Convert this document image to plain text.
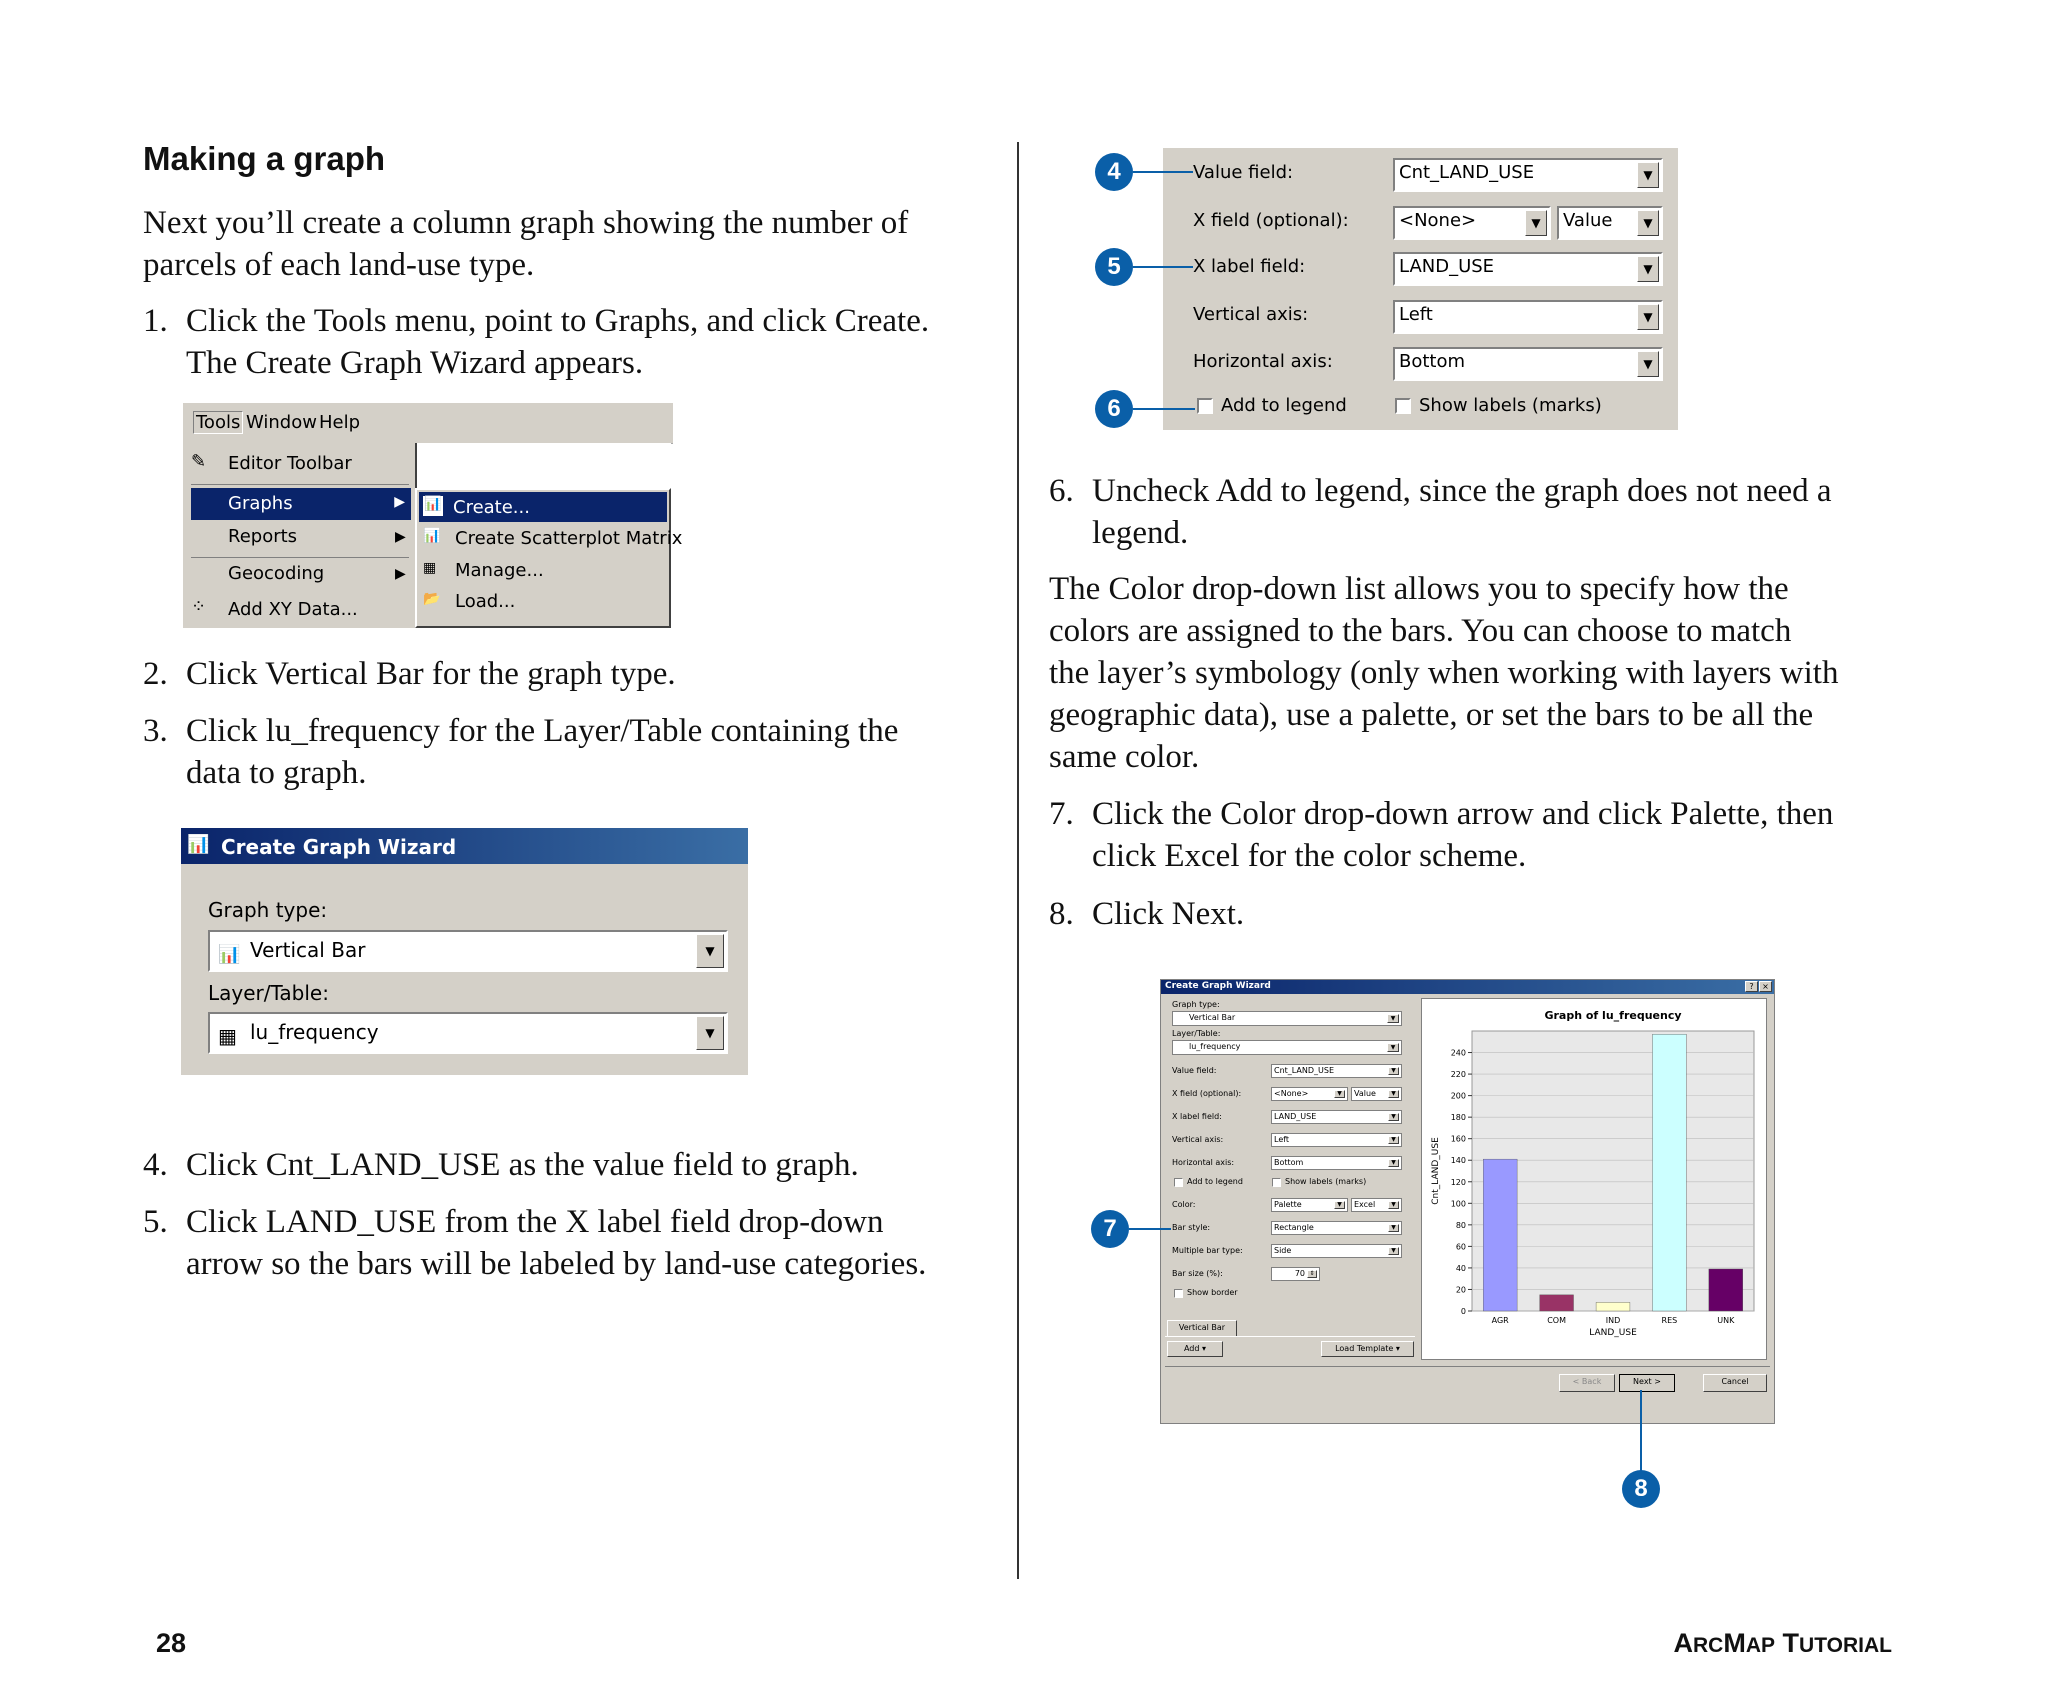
Making a graph
Next you’ll create a column graph showing the number of
parcels of each land-use type.
1. Click the Tools menu, point to Graphs, and click Create.
The Create Graph Wizard appears.
Tools Window Help
✎ Editor Toolbar
Graphs	▶
Reports	▶
Geocoding	▶
⁘ Add XY Data...
📊 Create...
📊 Create Scatterplot Matrix
▦ Manage...
📂 Load...
2. Click Vertical Bar for the graph type.
3. Click lu_frequency for the Layer/Table containing the
data to graph.
📊 Create Graph Wizard
Graph type:
📊 Vertical Bar	▼
Layer/Table:
▦ lu_frequency	▼
4. Click Cnt_LAND_USE as the value field to graph.
5. Click LAND_USE from the X label field drop-down
arrow so the bars will be labeled by land-use categories.
Value field:	Cnt_LAND_USE	▼
X field (optional):	<None>	▼	Value	▼
X label field:	LAND_USE	▼
Vertical axis:	Left	▼
Horizontal axis:	Bottom	▼
Add to legend	Show labels (marks)
4
5
6
6. Uncheck Add to legend, since the graph does not need a
legend.
The Color drop-down list allows you to specify how the
colors are assigned to the bars. You can choose to match
the layer’s symbology (only when working with layers with
geographic data), use a palette, or set the bars to be all the
same color.
7. Click the Color drop-down arrow and click Palette, then
click Excel for the color scheme.
8. Click Next.
Create Graph Wizard	?	×
Graph type:
Vertical Bar	▼
Layer/Table:
lu_frequency	▼
Value field:	Cnt_LAND_USE	▼
X field (optional):	<None>	▼	Value	▼
X label field:	LAND_USE	▼
Vertical axis:	Left	▼
Horizontal axis:	Bottom	▼
Add to legend	Show labels (marks)
Color:	Palette	▼	Excel	▼
Bar style:	Rectangle	▼
Multiple bar type:	Side	▼
Bar size (%):	70 ⇕
Show border
Vertical Bar
Add ▾	Load Template ▾
0
20
40
60
80
100
120
140
160
180
200
220
240
AGR	COM	IND	RES	UNK
Graph of lu_frequency
LAND_USE
Cnt_LAND_USE
< Back	Next >	Cancel
7
8
28	ARCMAP TUTORIAL
